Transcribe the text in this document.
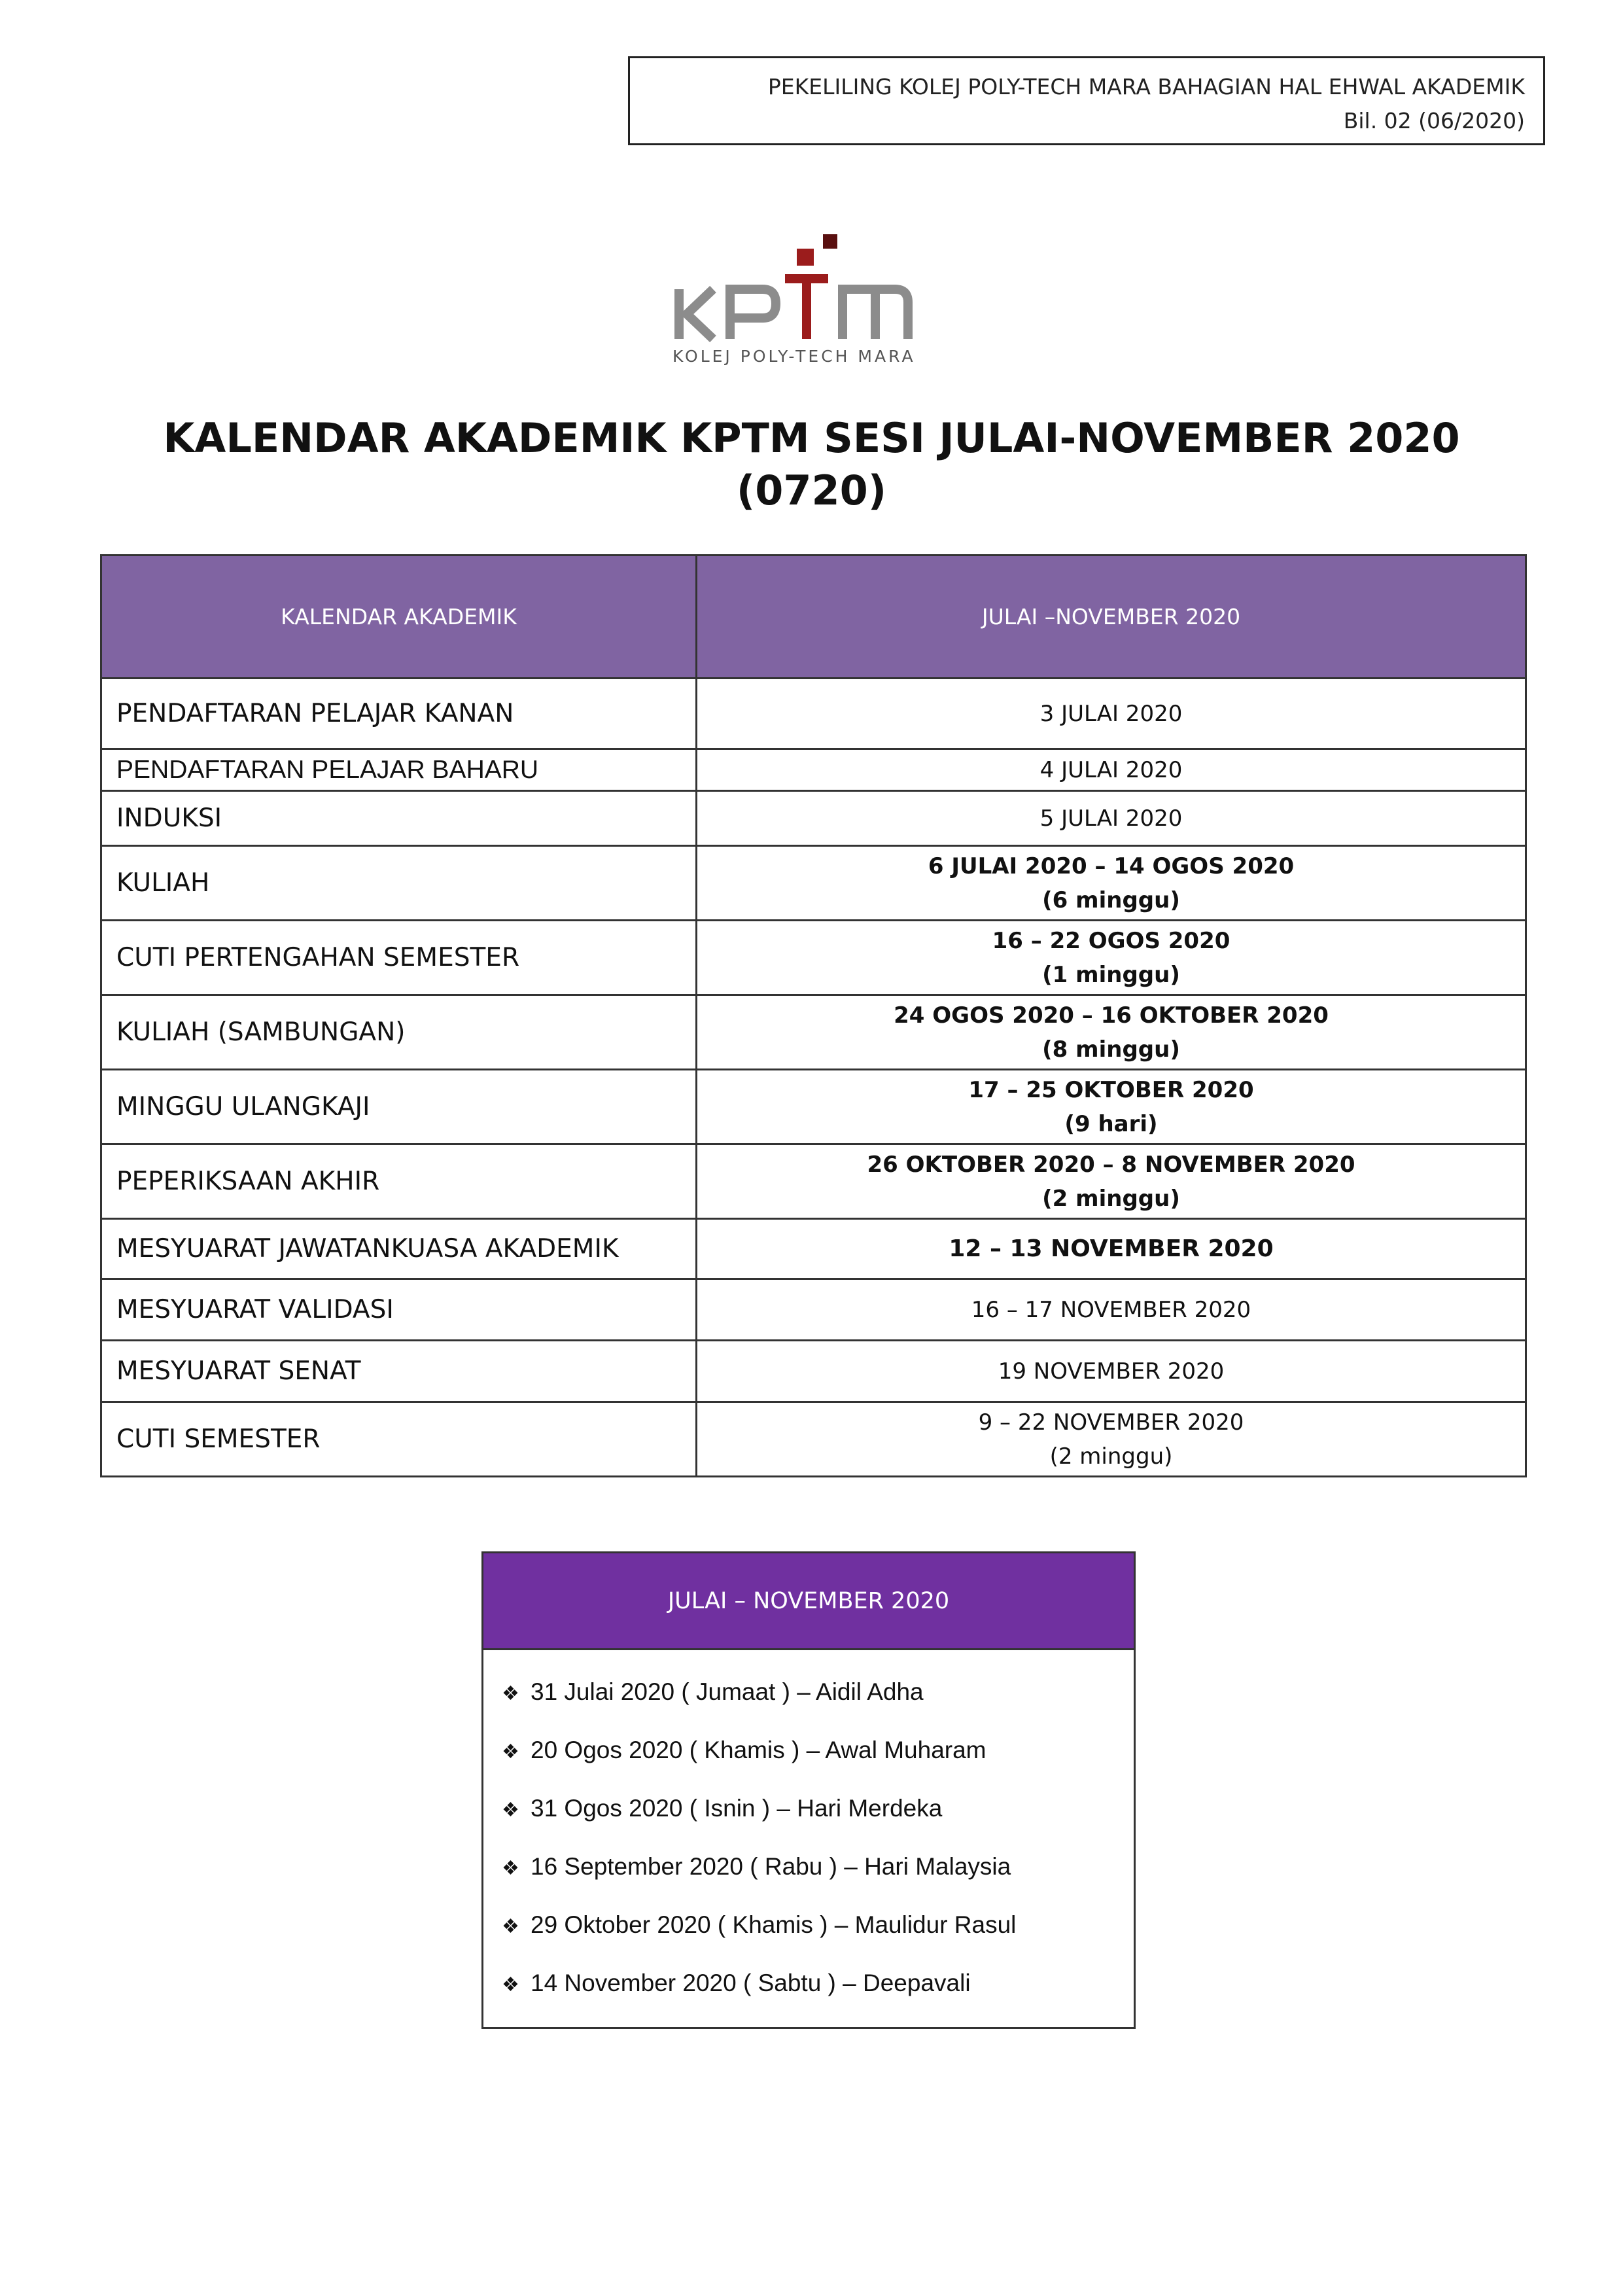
PEKELILING KOLEJ POLY-TECH MARA BAHAGIAN HAL EHWAL AKADEMIK
Bil. 02 (06/2020)
KOLEJ POLY-TECH MARA
KALENDAR AKADEMIK KPTM SESI JULAI-NOVEMBER 2020
(0720)
KALENDAR AKADEMIK	JULAI –NOVEMBER 2020
PENDAFTARAN PELAJAR KANAN	3 JULAI 2020

PENDAFTARAN PELAJAR BAHARU	4 JULAI 2020

INDUKSI	5 JULAI 2020

KULIAH	6 JULAI 2020 – 14 OGOS 2020
(6 minggu)

CUTI PERTENGAHAN SEMESTER	16 – 22 OGOS 2020
(1 minggu)

KULIAH (SAMBUNGAN)	24 OGOS 2020 – 16 OKTOBER 2020
(8 minggu)

MINGGU ULANGKAJI	17 – 25 OKTOBER 2020
(9 hari)

PEPERIKSAAN AKHIR	26 OKTOBER 2020 – 8 NOVEMBER 2020
(2 minggu)

MESYUARAT JAWATANKUASA AKADEMIK	12 – 13 NOVEMBER 2020

MESYUARAT VALIDASI	16 – 17 NOVEMBER 2020

MESYUARAT SENAT	19 NOVEMBER 2020

CUTI SEMESTER	9 – 22 NOVEMBER 2020
(2 minggu)
JULAI – NOVEMBER 2020
❖ 31 Julai 2020 ( Jumaat ) – Aidil Adha
❖ 20 Ogos 2020 ( Khamis ) – Awal Muharam
❖ 31 Ogos 2020 ( Isnin ) – Hari Merdeka
❖ 16 September 2020 ( Rabu ) – Hari Malaysia
❖ 29 Oktober 2020 ( Khamis ) – Maulidur Rasul
❖ 14 November 2020 ( Sabtu ) – Deepavali
